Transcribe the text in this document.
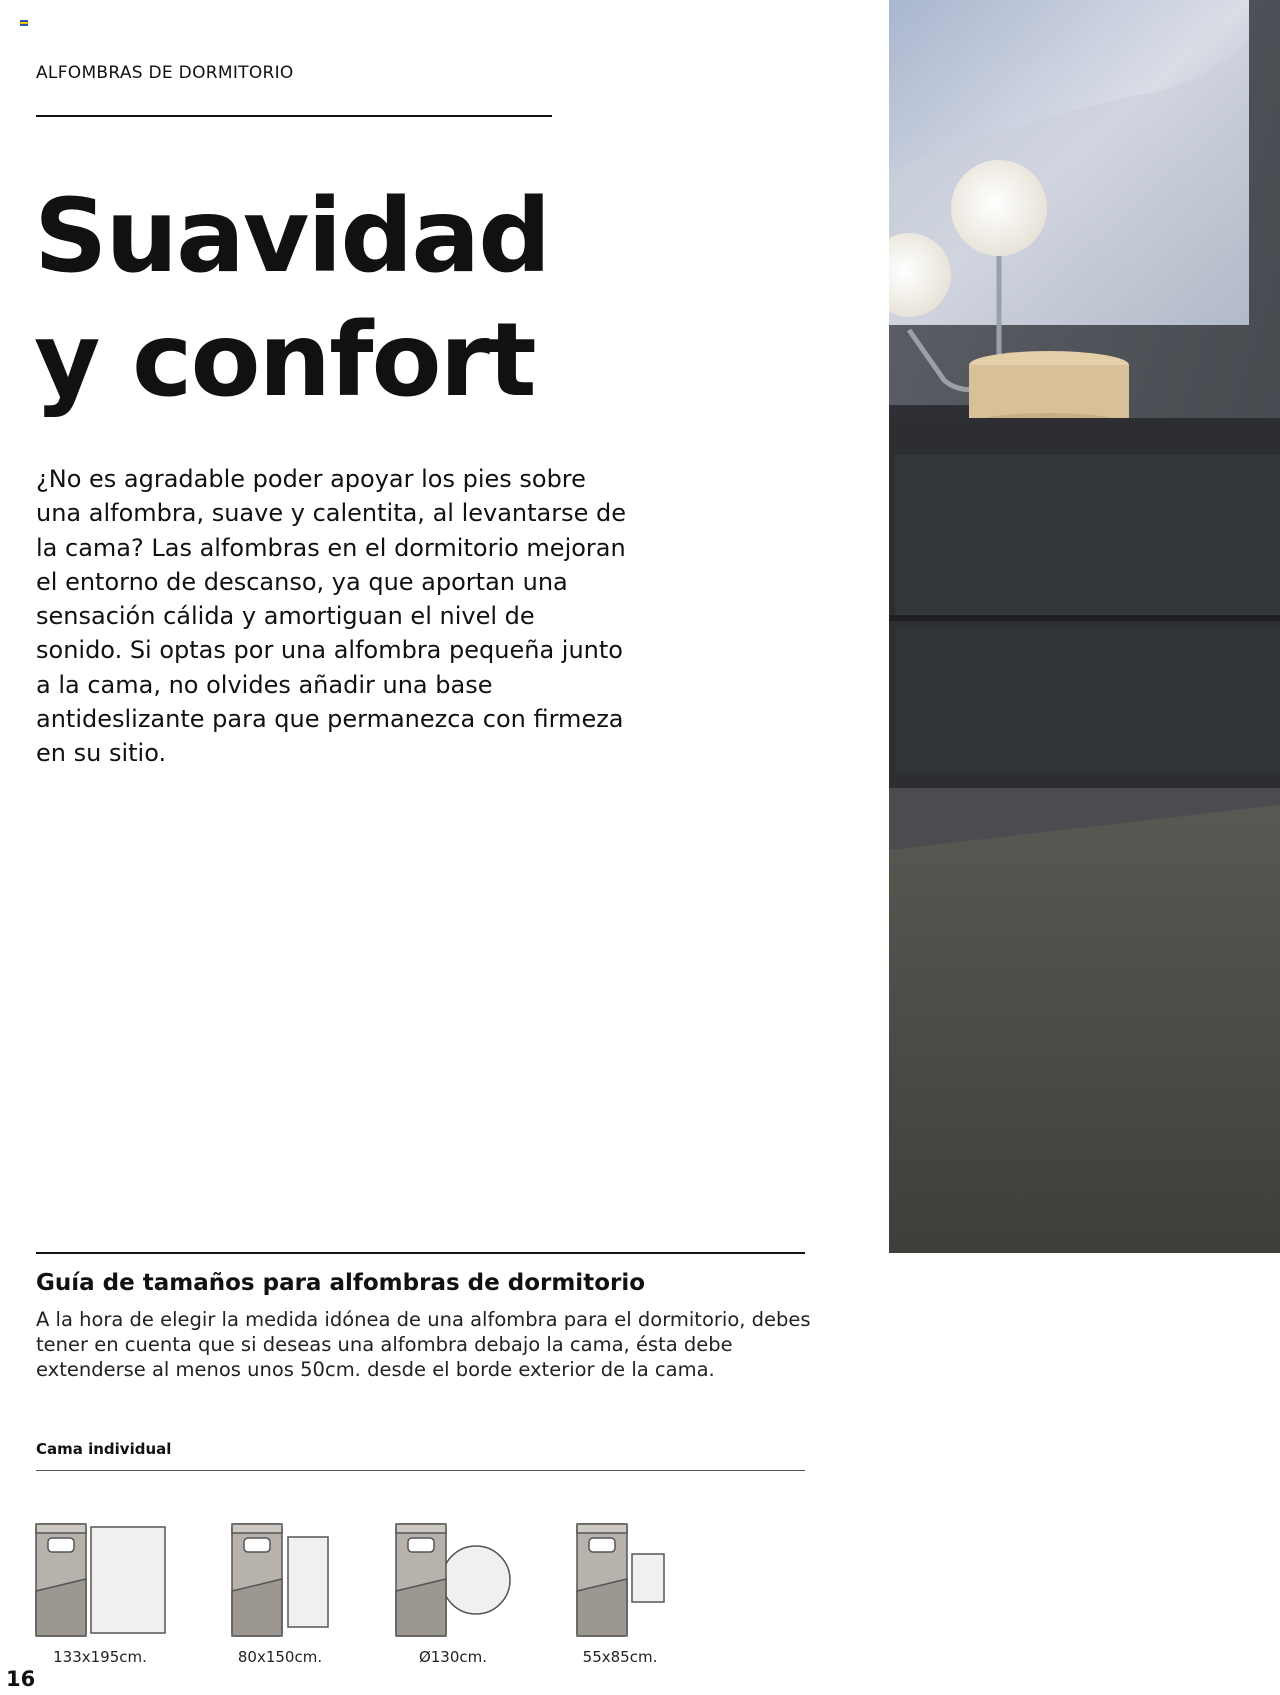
ALFOMBRAS DE DORMITORIO
Suavidad
y confort

¿No es agradable poder apoyar los pies sobre una alfombra, suave y calentita, al levantarse de la cama? Las alfombras en el dormitorio mejoran el entorno de descanso, ya que aportan una sensación cálida y amortiguan el nivel de sonido. Si optas por una alfombra pequeña junto a la cama, no olvides añadir una base antideslizante para que permanezca con firmeza en su sitio.

Guía de tamaños para alfombras de dormitorio

A la hora de elegir la medida idónea de una alfombra para el dormitorio, debes tener en cuenta que si deseas una alfombra debajo la cama, ésta debe extenderse al menos unos 50cm. desde el borde exterior de la cama.

Cama individual
133x195cm.	80x150cm.	Ø130cm.	55x85cm.
16
